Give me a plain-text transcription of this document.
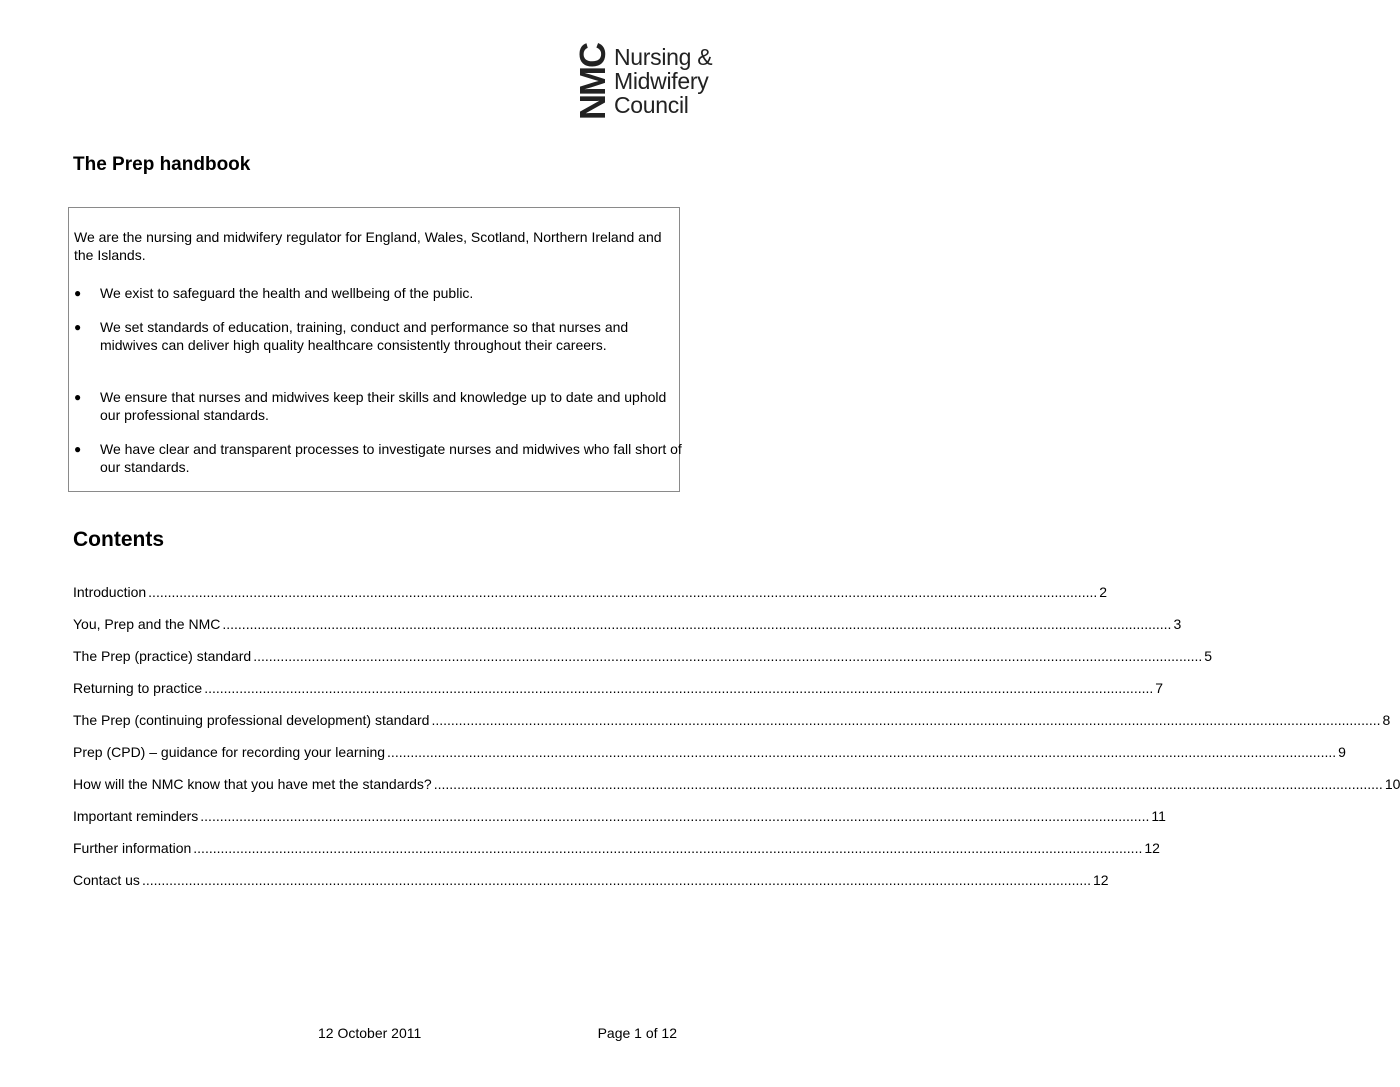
NMC Nursing &
Midwifery
Council
The Prep handbook

We are the nursing and midwifery regulator for England, Wales, Scotland, Northern Ireland and the Islands.

● We exist to safeguard the health and wellbeing of the public.
● We set standards of education, training, conduct and performance so that nurses and midwives can deliver high quality healthcare consistently throughout their careers.
● We ensure that nurses and midwives keep their skills and knowledge up to date and uphold our professional standards.
● We have clear and transparent processes to investigate nurses and midwives who fall short of our standards.
Contents
Introduction .....	2
You, Prep and the NMC .....	3
The Prep (practice) standard .....	5
Returning to practice .....	7
The Prep (continuing professional development) standard .....	8
Prep (CPD) – guidance for recording your learning .....	9
How will the NMC know that you have met the standards? .....	10
Important reminders .....	11
Further information .....	12
Contact us .....	12
12 October 2011	Page 1 of 12
